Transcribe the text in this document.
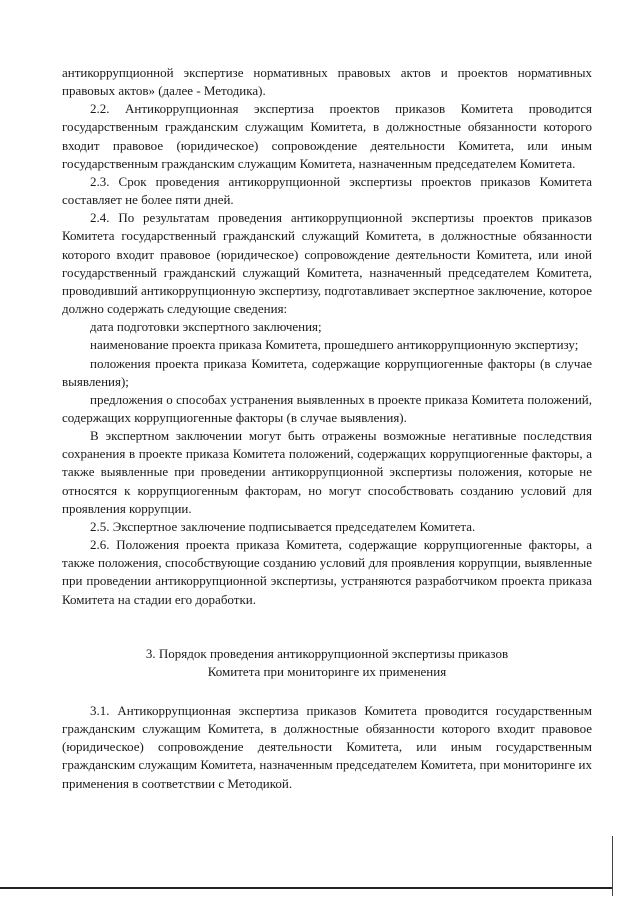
антикоррупционной экспертизе нормативных правовых актов и проектов нормативных правовых актов» (далее - Методика).

2.2. Антикоррупционная экспертиза проектов приказов Комитета проводится государственным гражданским служащим Комитета, в должностные обязанности которого входит правовое (юридическое) сопровождение деятельности Комитета, или иным государственным гражданским служащим Комитета, назначенным председателем Комитета.

2.3. Срок проведения антикоррупционной экспертизы проектов приказов Комитета составляет не более пяти дней.

2.4. По результатам проведения антикоррупционной экспертизы проектов приказов Комитета государственный гражданский служащий Комитета, в должностные обязанности которого входит правовое (юридическое) сопровождение деятельности Комитета, или иной государственный гражданский служащий Комитета, назначенный председателем Комитета, проводивший антикоррупционную экспертизу, подготавливает экспертное заключение, которое должно содержать следующие сведения:

дата подготовки экспертного заключения;

наименование проекта приказа Комитета, прошедшего антикоррупционную экспертизу;

положения проекта приказа Комитета, содержащие коррупциогенные факторы (в случае выявления);

предложения о способах устранения выявленных в проекте приказа Комитета положений, содержащих коррупциогенные факторы (в случае выявления).

В экспертном заключении могут быть отражены возможные негативные последствия сохранения в проекте приказа Комитета положений, содержащих коррупциогенные факторы, а также выявленные при проведении антикоррупционной экспертизы положения, которые не относятся к коррупциогенным факторам, но могут способствовать созданию условий для проявления коррупции.

2.5. Экспертное заключение подписывается председателем Комитета.

2.6. Положения проекта приказа Комитета, содержащие коррупциогенные факторы, а также положения, способствующие созданию условий для проявления коррупции, выявленные при проведении антикоррупционной экспертизы, устраняются разработчиком проекта приказа Комитета на стадии его доработки.

3. Порядок проведения антикоррупционной экспертизы приказов

Комитета при мониторинге их применения

3.1. Антикоррупционная экспертиза приказов Комитета проводится государственным гражданским служащим Комитета, в должностные обязанности которого входит правовое (юридическое) сопровождение деятельности Комитета, или иным государственным гражданским служащим Комитета, назначенным председателем Комитета, при мониторинге их применения в соответствии с Методикой.
